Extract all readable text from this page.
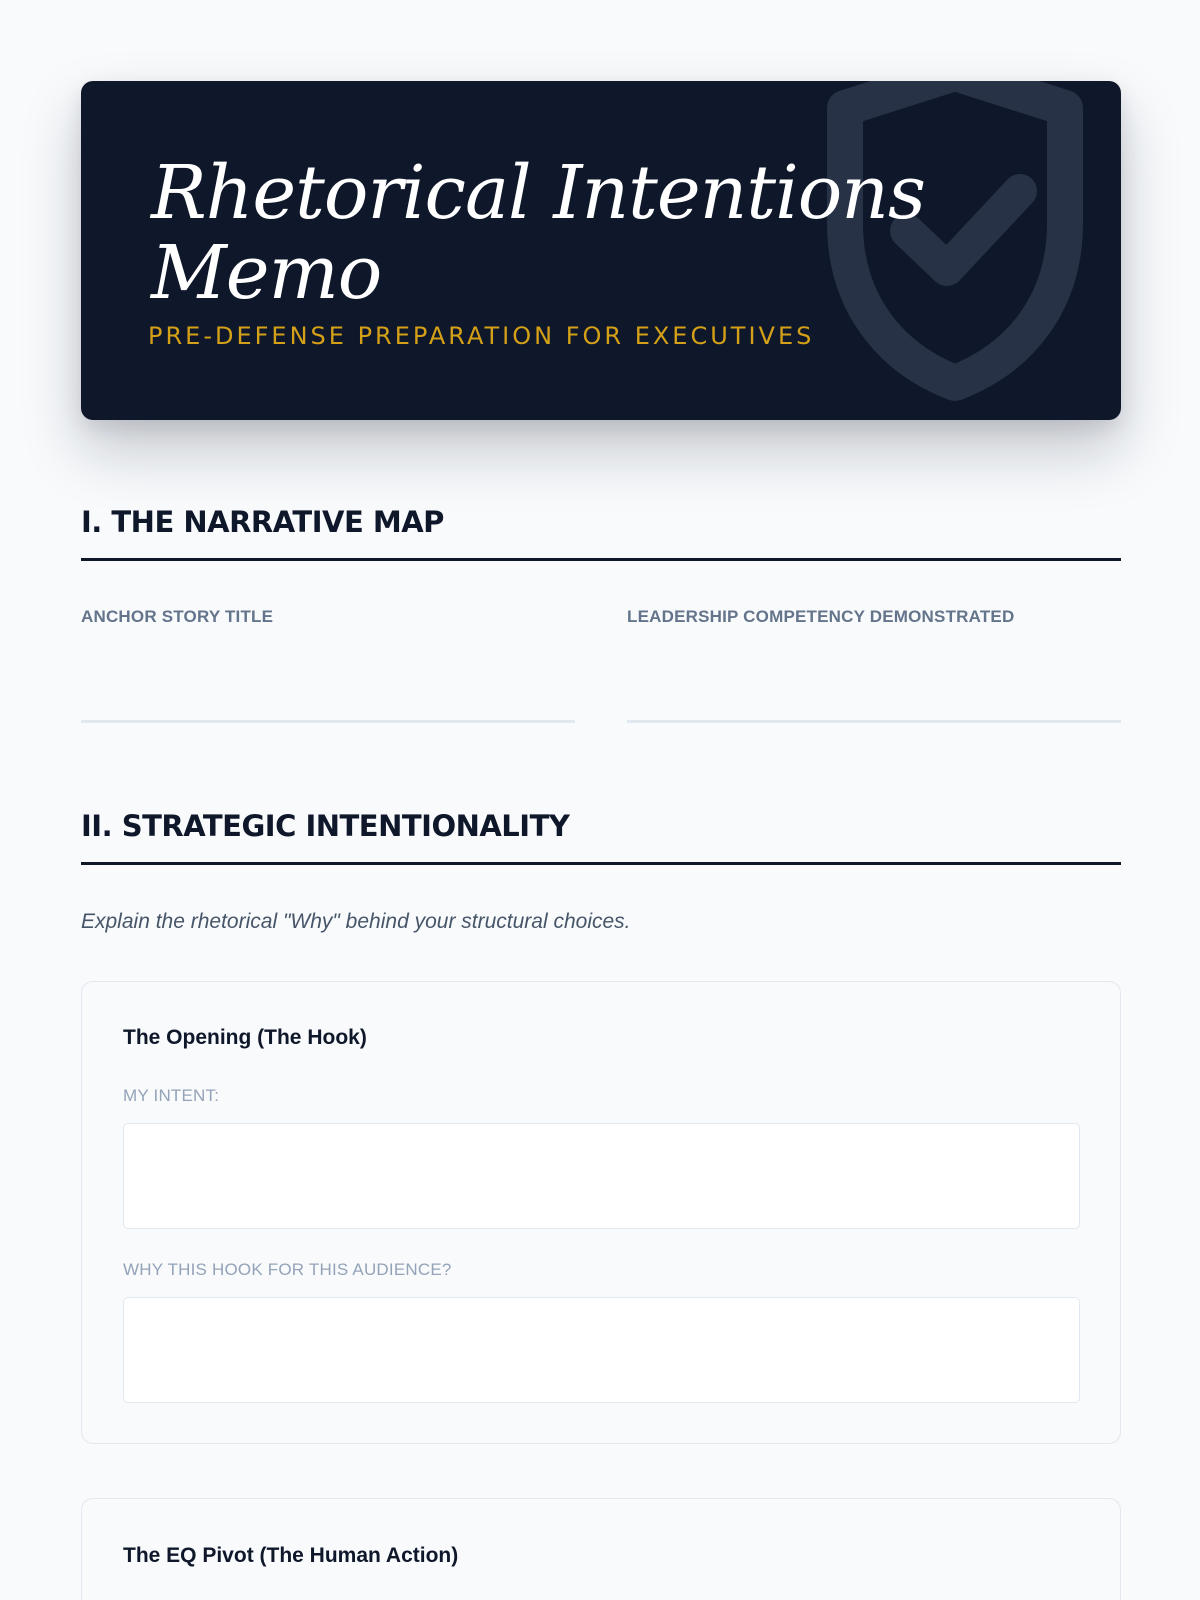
Rhetorical Intentions
Memo
PRE-DEFENSE PREPARATION FOR EXECUTIVES
I. THE NARRATIVE MAP
ANCHOR STORY TITLE	LEADERSHIP COMPETENCY DEMONSTRATED
II. STRATEGIC INTENTIONALITY
Explain the rhetorical "Why" behind your structural choices.
The Opening (The Hook)
MY INTENT:
WHY THIS HOOK FOR THIS AUDIENCE?
The EQ Pivot (The Human Action)
